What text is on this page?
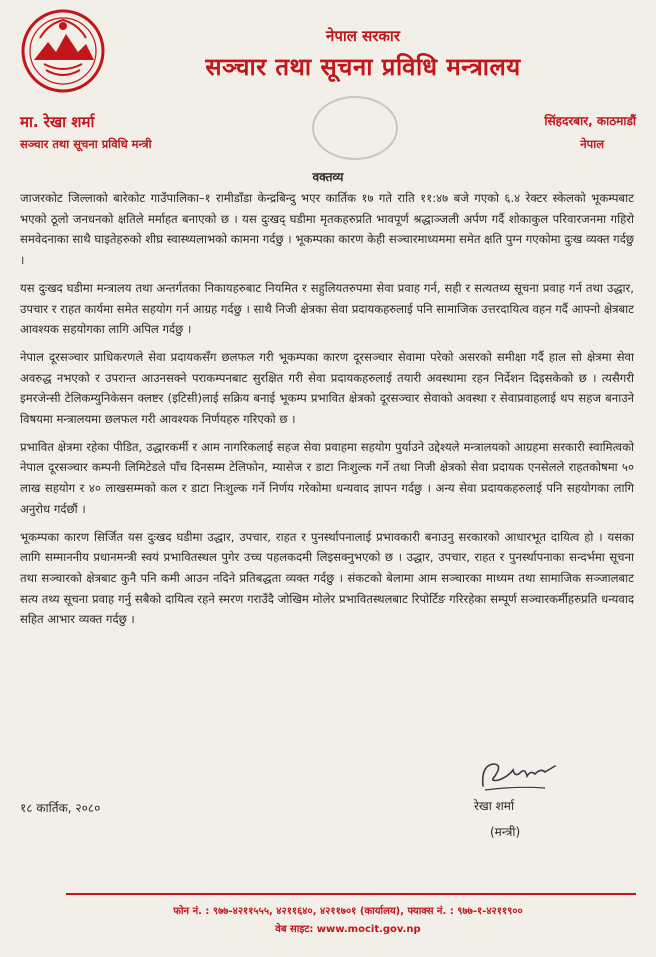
नेपाल सरकार
सञ्चार तथा सूचना प्रविधि मन्त्रालय
मा. रेखा शर्मा
सञ्चार तथा सूचना प्रविधि मन्त्री
सिंहदरबार, काठमाडौं
नेपाल
वक्तव्य

जाजरकोट जिल्लाको बारेकोट गाउँपालिका–१ रामीडाँडा केन्द्रबिन्दु भएर कार्तिक १७ गते राति ११:४७ बजे गएको ६.४ रेक्टर स्केलको भूकम्पबाट भएको ठूलो जनधनको क्षतिले मर्माहत बनाएको छ । यस दुःखद् घडीमा मृतकहरुप्रति भावपूर्ण श्रद्धाञ्जली अर्पण गर्दै शोकाकुल परिवारजनमा गहिरो समवेदनाका साथै घाइतेहरुको शीघ्र स्वास्थ्यलाभको कामना गर्दछु । भूकम्पका कारण केही सञ्चारमाध्यममा समेत क्षति पुग्न गएकोमा दुःख व्यक्त गर्दछु ।

यस दुःखद घडीमा मन्त्रालय तथा अन्तर्गतका निकायहरुबाट नियमित र सहुलियतरुपमा सेवा प्रवाह गर्न, सही र सत्यतथ्य सूचना प्रवाह गर्न तथा उद्धार, उपचार र राहत कार्यमा समेत सहयोग गर्न आग्रह गर्दछु । साथै निजी क्षेत्रका सेवा प्रदायकहरुलाई पनि सामाजिक उत्तरदायित्व वहन गर्दै आफ्नो क्षेत्रबाट आवश्यक सहयोगका लागि अपिल गर्दछु ।

नेपाल दूरसञ्चार प्राधिकरणले सेवा प्रदायकसँग छलफल गरी भूकम्पका कारण दूरसञ्चार सेवामा परेको असरको समीक्षा गर्दै हाल सो क्षेत्रमा सेवा अवरुद्ध नभएको र उपरान्त आउनसक्ने पराकम्पनबाट सुरक्षित गरी सेवा प्रदायकहरुलाई तयारी अवस्थामा रहन निर्देशन दिइसकेको छ । त्यसैगरी इमरजेन्सी टेलिकम्युनिकेसन क्लष्टर (इटिसी)लाई सक्रिय बनाई भूकम्प प्रभावित क्षेत्रको दूरसञ्चार सेवाको अवस्था र सेवाप्रवाहलाई थप सहज बनाउने विषयमा मन्त्रालयमा छलफल गरी आवश्यक निर्णयहरु गरिएको छ ।

प्रभावित क्षेत्रमा रहेका पीडित, उद्धारकर्मी र आम नागरिकलाई सहज सेवा प्रवाहमा सहयोग पुर्याउने उद्देश्यले मन्त्रालयको आग्रहमा सरकारी स्वामित्वको नेपाल दूरसञ्चार कम्पनी लिमिटेडले पाँच दिनसम्म टेलिफोन, म्यासेज र डाटा निःशुल्क गर्ने तथा निजी क्षेत्रको सेवा प्रदायक एनसेलले राहतकोषमा ५० लाख सहयोग र ४० लाखसम्मको कल र डाटा निःशुल्क गर्ने निर्णय गरेकोमा धन्यवाद ज्ञापन गर्दछु । अन्य सेवा प्रदायकहरुलाई पनि सहयोगका लागि अनुरोध गर्दछौं ।

भूकम्पका कारण सिर्जित यस दुःखद घडीमा उद्धार, उपचार, राहत र पुनर्स्थापनालाई प्रभावकारी बनाउनु सरकारको आधारभूत दायित्व हो । यसका लागि सम्माननीय प्रधानमन्त्री स्वयं प्रभावितस्थल पुगेर उच्च पहलकदमी लिइसक्नुभएको छ । उद्धार, उपचार, राहत र पुनर्स्थापनाका सन्दर्भमा सूचना तथा सञ्चारको क्षेत्रबाट कुनै पनि कमी आउन नदिने प्रतिबद्धता व्यक्त गर्दछु । संकटको बेलामा आम सञ्चारका माध्यम तथा सामाजिक सञ्जालबाट सत्य तथ्य सूचना प्रवाह गर्नु सबैको दायित्व रहने स्मरण गराउँदै जोखिम मोलेर प्रभावितस्थलबाट रिपोर्टिङ गरिरहेका सम्पूर्ण सञ्चारकर्मीहरुप्रति धन्यवाद सहित आभार व्यक्त गर्दछु ।

१८ कार्तिक, २०८०	रेखा शर्मा
(मन्त्री)
फोन नं. : ९७७-४२११५५५, ४२११६४०, ४२११७०१ (कार्यालय), फ्याक्स नं. : ९७७-१-४२११९००
वेब साइट: www.mocit.gov.np
